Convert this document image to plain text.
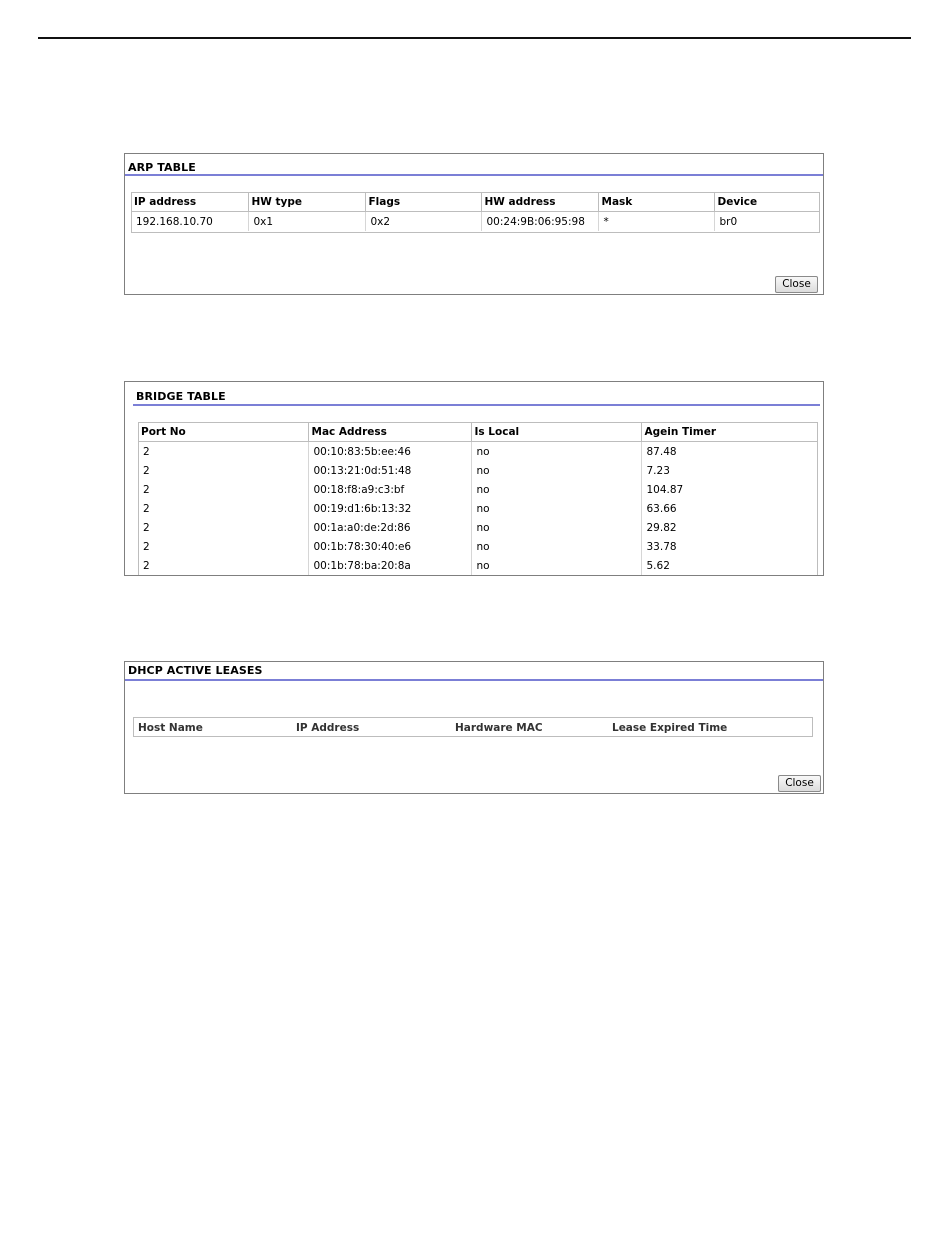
ARP TABLE
IP address	HW type	Flags	HW address	Mask	Device
192.168.10.70	0x1	0x2	00:24:9B:06:95:98	*	br0
Close
BRIDGE TABLE
Port No	Mac Address	Is Local	Agein Timer
2	00:10:83:5b:ee:46	no	87.48
2	00:13:21:0d:51:48	no	7.23
2	00:18:f8:a9:c3:bf	no	104.87
2	00:19:d1:6b:13:32	no	63.66
2	00:1a:a0:de:2d:86	no	29.82
2	00:1b:78:30:40:e6	no	33.78
2	00:1b:78:ba:20:8a	no	5.62
DHCP ACTIVE LEASES
Host Name	IP Address	Hardware MAC	Lease Expired Time
Close
